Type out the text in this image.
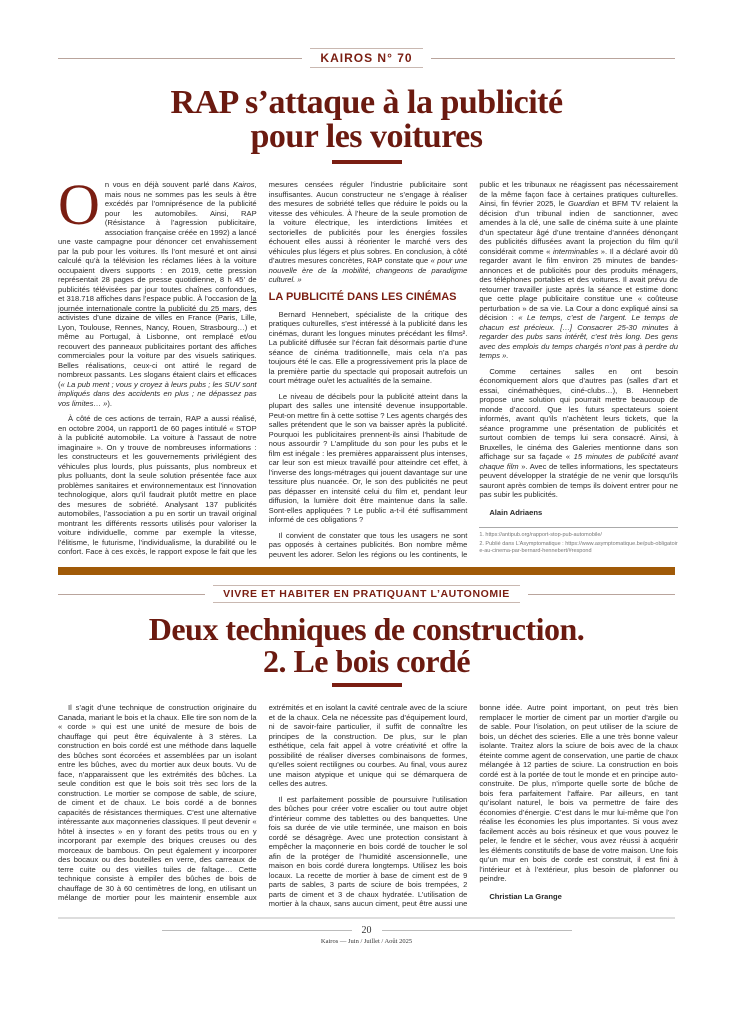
KAIROS N° 70
RAP s’attaque à la publicité
pour les voitures

On vous en déjà souvent parlé dans Kairos, mais nous ne sommes pas les seuls à être excédés par l’omniprésence de la publicité pour les automobiles. Ainsi, RAP (Résistance à l’agression publicitaire, association française créée en 1992) a lancé une vaste campagne pour dénoncer cet envahissement par la pub pour les voitures. Ils l’ont mesuré et ont ainsi calculé qu’à la télévision les réclames liées à la voiture occupaient divers supports : en 2019, cette pression représentait 28 pages de presse quotidienne, 8 h 45’ de publicités télévisées par jour toutes chaînes confondues, et 318.718 affiches dans l’espace public. À l’occasion de la journée internationale contre la publicité du 25 mars, des activistes d’une dizaine de villes en France (Paris, Lille, Lyon, Toulouse, Rennes, Nancy, Rouen, Strasbourg…) et même au Portugal, à Lisbonne, ont remplacé et/ou recouvert des panneaux publicitaires portant des affiches commerciales pour la voiture par des visuels satiriques. Belles réalisations, ceux-ci ont attiré le regard de nombreux passants. Les slogans étaient clairs et efficaces (« La pub ment ; vous y croyez à leurs pubs ; les SUV sont impliqués dans des accidents en plus ; ne dépassez pas vos limites… »).

À côté de ces actions de terrain, RAP a aussi réalisé, en octobre 2004, un rapport1 de 60 pages intitulé « STOP à la publicité automobile. La voiture à l’assaut de notre imaginaire ». On y trouve de nombreuses informations : les constructeurs et les gouvernements privilégient des véhicules plus lourds, plus puissants, plus nombreux et plus polluants, dont la seule solution présentée face aux problèmes sanitaires et environnementaux est l’innovation technologique, alors qu’il faudrait plutôt mettre en place des mesures de sobriété. Analysant 137 publicités automobiles, l’association a pu en sortir un travail original montrant les différents ressorts utilisés pour valoriser la voiture individuelle, comme par exemple la vitesse, l’élitisme, le futurisme, l’individualisme, la durabilité ou le confort. Face à ces excès, le rapport expose le fait que les mesures censées réguler l’industrie publicitaire sont insuffisantes. Aucun constructeur ne s’engage à réaliser des mesures de sobriété telles que réduire le poids ou la vitesse des véhicules. À l’heure de la seule promotion de la voiture électrique, les interdictions limitées et sectorielles de publicités pour les énergies fossiles échouent elles aussi à réorienter le marché vers des véhicules plus légers et plus sobres. En conclusion, à côté d’autres mesures concrètes, RAP constate que « pour une nouvelle ère de la mobilité, changeons de paradigme culturel. »

LA PUBLICITÉ DANS LES CINÉMAS

Bernard Hennebert, spécialiste de la critique des pratiques culturelles, s’est intéressé à la publicité dans les cinémas, durant les longues minutes précédant les films². La publicité diffusée sur l’écran fait désormais partie d’une séance de cinéma traditionnelle, mais cela n’a pas toujours été le cas. Elle a progressivement pris la place de la première partie du spectacle qui proposait autrefois un court métrage ou/et les actualités de la semaine.

Le niveau de décibels pour la publicité atteint dans la plupart des salles une intensité devenue insupportable. Peut-on mettre fin à cette sottise ? Les agents chargés des salles prétendent que le son va baisser après la publicité. Pourquoi les publicitaires prennent-ils ainsi l’habitude de nous assourdir ? L’amplitude du son pour les pubs et le film est inégale : les premières apparaissent plus intenses, car leur son est mieux travaillé pour atteindre cet effet, à l’inverse des longs-métrages qui jouent davantage sur une tessiture plus nuancée. Or, le son des publicités ne peut pas dépasser en intensité celui du film et, pendant leur diffusion, la lumière doit être maintenue dans la salle. Sont-elles appliquées ? Le public a-t-il été suffisamment informé de ces obligations ?

Il convient de constater que tous les usagers ne sont pas opposés à certaines publicités. Bon nombre même peuvent les adorer. Selon les régions ou les continents, le public et les tribunaux ne réagissent pas nécessairement de la même façon face à certaines pratiques culturelles. Ainsi, fin février 2025, le Guardian et BFM TV relaient la décision d’un tribunal indien de sanctionner, avec amendes à la clé, une salle de cinéma suite à une plainte d’un spectateur âgé d’une trentaine d’années dénonçant des publicités diffusées avant la projection du film qu’il considérait comme « interminables ». Il a déclaré avoir dû regarder avant le film environ 25 minutes de bandes-annonces et de publicités pour des produits ménagers, des téléphones portables et des voitures. Il avait prévu de retourner travailler juste après la séance et estime donc que cette plage publicitaire constitue une « coûteuse perturbation » de sa vie. La Cour a donc expliqué ainsi sa décision : « Le temps, c’est de l’argent. Le temps de chacun est précieux. […] Consacrer 25-30 minutes à regarder des pubs sans intérêt, c’est très long. Des gens avec des emplois du temps chargés n’ont pas à perdre du temps ».

Comme certaines salles en ont besoin économiquement alors que d’autres pas (salles d’art et essai, cinémathèques, ciné-clubs…), B. Hennebert propose une solution qui pourrait mettre beaucoup de monde d’accord. Que les futurs spectateurs soient informés, avant qu’ils n’achètent leurs tickets, que la séance programme une présentation de publicités et surtout combien de temps lui sera consacré. Ainsi, à Bruxelles, le cinéma des Galeries mentionne dans son affichage sur sa façade « 15 minutes de publicité avant chaque film ». Avec de telles informations, les spectateurs peuvent développer la stratégie de ne venir que lorsqu’ils sauront après combien de temps ils doivent entrer pour ne pas subir les publicités.

Alain Adriaens

1. https://antipub.org/rapport-stop-pub-automobile/

2. Publié dans L’Asymptomatique : https://www.asymptomatique.be/pub-obligatoire-au-cinema-par-bernard-hennebert/#respond

VIVRE ET HABITER EN PRATIQUANT L’AUTONOMIE
Deux techniques de construction.
2. Le bois cordé

Il s’agit d’une technique de construction originaire du Canada, mariant le bois et la chaux. Elle tire son nom de la « corde » qui est une unité de mesure de bois de chauffage qui peut être équivalente à 3 stères. La construction en bois cordé est une méthode dans laquelle des bûches sont écorcées et assemblées par un isolant entre les bûches, avec du mortier aux deux bouts. Vu de face, n’apparaissent que les extrémités des bûches. La seule condition est que le bois soit très sec lors de la construction. Le mortier se compose de sable, de sciure, de ciment et de chaux. Le bois cordé a de bonnes capacités de résistances thermiques. C’est une alternative intéressante aux maçonneries classiques. Il peut devenir « hôtel à insectes » en y forant des petits trous ou en y incorporant par exemple des briques creuses ou des morceaux de bambous. On peut également y incorporer des bocaux ou des bouteilles en verre, des carreaux de terre cuite ou des vieilles tuiles de faîtage… Cette technique consiste à empiler des bûches de bois de chauffage de 30 à 60 centimètres de long, en utilisant un mélange de mortier pour les maintenir ensemble aux extrémités et en isolant la cavité centrale avec de la sciure et de la chaux. Cela ne nécessite pas d’équipement lourd, ni de savoir-faire particulier, il suffit de connaître les principes de la construction. De plus, sur le plan esthétique, cela fait appel à votre créativité et offre la possibilité de réaliser diverses combinaisons de formes, qu’elles soient rectilignes ou courbes. Au final, vous aurez une maison atypique et unique qui se démarquera de celles des autres.

Il est parfaitement possible de poursuivre l’utilisation des bûches pour créer votre escalier ou tout autre objet d’intérieur comme des tablettes ou des banquettes. Une fois sa durée de vie utile terminée, une maison en bois cordé se désagrège. Avec une protection consistant à empêcher la maçonnerie en bois cordé de toucher le sol afin de la protéger de l’humidité ascensionnelle, une maison en bois cordé durera longtemps. Utilisez les bois locaux. La recette de mortier à base de ciment est de 9 parts de sables, 3 parts de sciure de bois trempées, 2 parts de ciment et 3 de chaux hydratée. L’utilisation de mortier à la chaux, sans aucun ciment, peut être aussi une bonne idée. Autre point important, on peut très bien remplacer le mortier de ciment par un mortier d’argile ou de sable. Pour l’isolation, on peut utiliser de la sciure de bois, un déchet des scieries. Elle a une très bonne valeur isolante. Traitez alors la sciure de bois avec de la chaux éteinte comme agent de conservation, une partie de chaux mélangée à 12 parties de sciure. La construction en bois cordé est à la portée de tout le monde et en principe auto-construite. De plus, n’importe quelle sorte de bûche de bois fera parfaitement l’affaire. Par ailleurs, en tant qu’isolant naturel, le bois va permettre de faire des économies d’énergie. C’est dans le mur lui-même que l’on réalise les économies les plus importantes. Si vous avez facilement accès au bois résineux et que vous pouvez le peler, le fendre et le sécher, vous avez réussi à acquérir les éléments constitutifs de base de votre maison. Une fois qu’un mur en bois de corde est construit, il est fini à l’intérieur et à l’extérieur, plus besoin de plafonner ou peindre.

Christian La Grange

20
Kairos — Juin / Juillet / Août 2025
